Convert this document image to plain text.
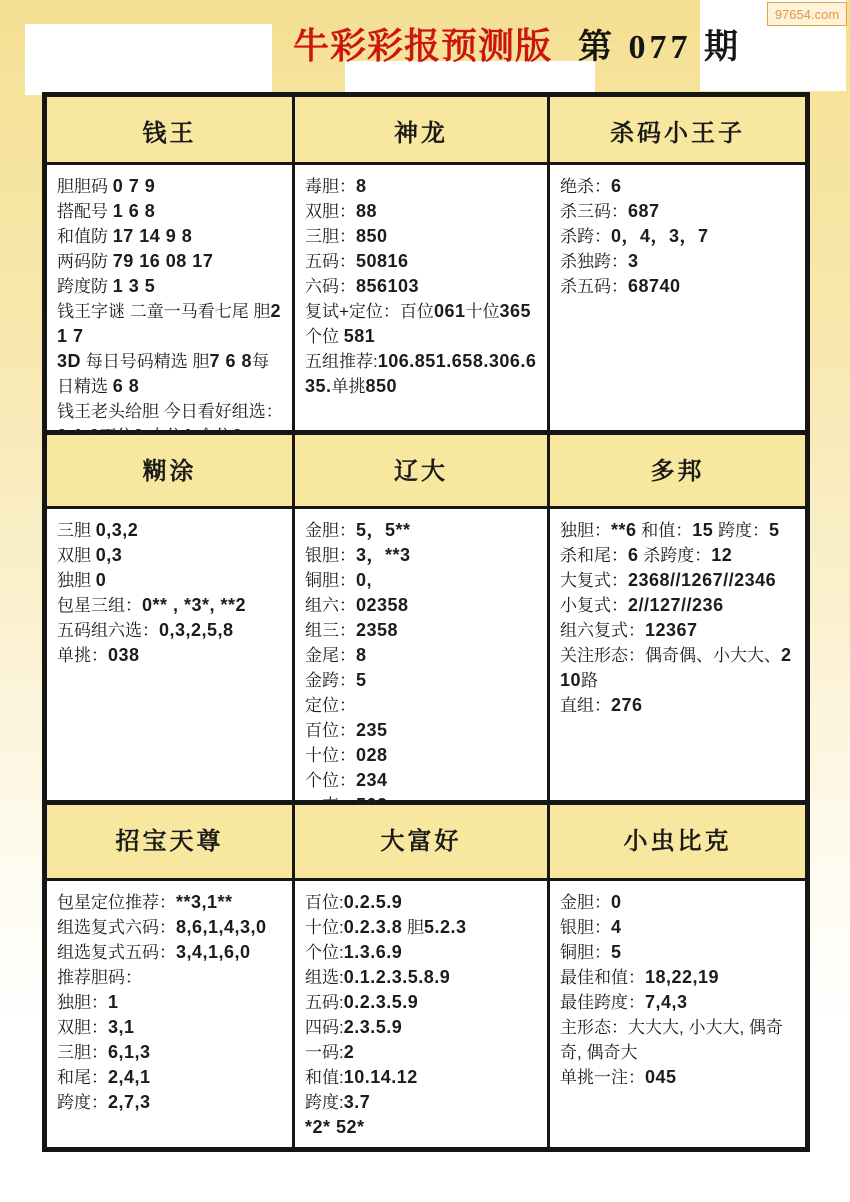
97654.com
牛彩彩报预测版 第 077 期
钱王	神龙	杀码小王子
胆胆码 0 7 9
搭配号 1 6 8
和值防 17 14 9 8
两码防 79 16 08 17
跨度防 1 3 5
钱王字谜 二童一马看七尾 胆2 1 7
3D 每日号码精选 胆7 6 8每日精选 6 8
钱王老头给胆 今日看好组选：
毒胆：8
双胆：88
三胆：850
五码：50816
六码：856103
复试+定位：百位061十位365个位 581
五组推荐:106.851.658.306.635.单挑850
绝杀：6
杀三码：687
杀跨：0，4，3，7
杀独跨：3
杀五码：68740
糊涂	辽大	多邦
三胆 0,3,2
双胆 0,3
独胆 0
包星三组：0** , *3*, **2
五码组六选：0,3,2,5,8
单挑：038
金胆：5，5**
银胆：3，**3
铜胆：0,
组六：02358
组三：2358
金尾：8
金跨：5
定位：
百位：235
十位：028
个位：234
独胆：**6 和值：15 跨度：5 杀和尾：6 杀跨度：12
大复式：2368//1267//2346
小复式：2//127//236
组六复式：12367
关注形态：偶奇偶、小大大、210路
直组：276
招宝天尊	大富好	小虫比克
包星定位推荐：**3,1**
组选复式六码：8,6,1,4,3,0
组选复式五码：3,4,1,6,0
推荐胆码：
独胆：1
双胆：3,1
三胆：6,1,3
和尾：2,4,1
跨度：2,7,3
百位:0.2.5.9
十位:0.2.3.8 胆5.2.3
个位:1.3.6.9
组选:0.1.2.3.5.8.9
五码:0.2.3.5.9
四码:2.3.5.9
一码:2
和值:10.14.12
跨度:3.7
*2* 52*
金胆：0
银胆：4
铜胆：5
最佳和值：18,22,19
最佳跨度：7,4,3
主形态：大大大, 小大大, 偶奇奇, 偶奇大
单挑一注：045
